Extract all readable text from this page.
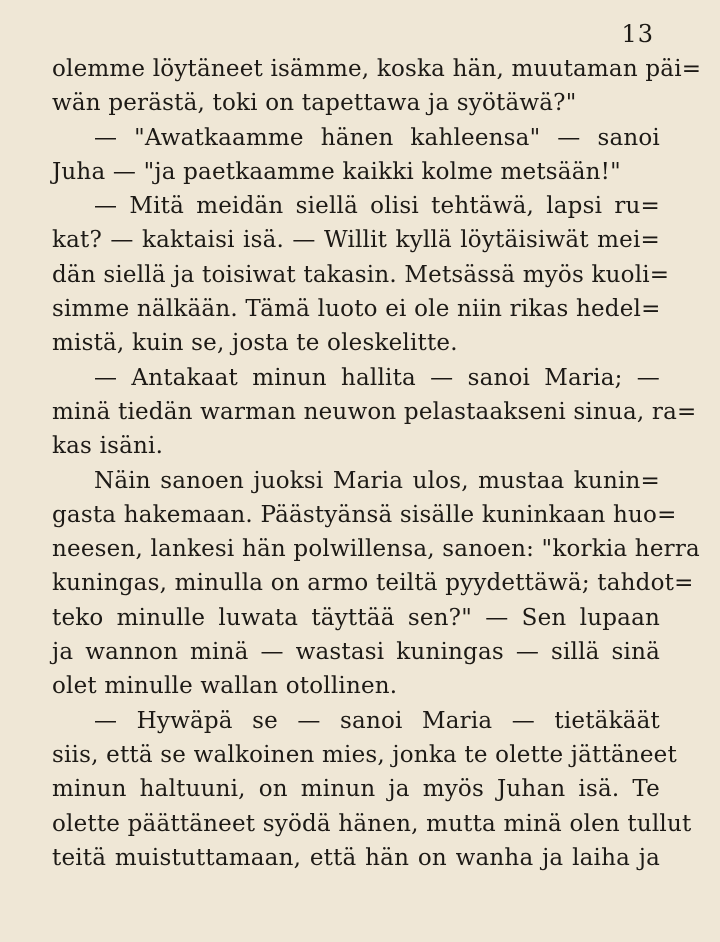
13
olemme löytäneet isämme, koska hän, muutaman päi=
wän perästä, toki on tapettawa ja syötäwä?"
— "Awatkaamme hänen kahleensa" — sanoi
Juha — "ja paetkaamme kaikki kolme metsään!"
— Mitä meidän siellä olisi tehtäwä, lapsi ru=
kat? — kaktaisi isä. — Willit kyllä löytäisiwät mei=
dän siellä ja toisiwat takasin. Metsässä myös kuoli=
simme nälkään. Tämä luoto ei ole niin rikas hedel=
mistä, kuin se, josta te oleskelitte.
— Antakaat minun hallita — sanoi Maria; —
minä tiedän warman neuwon pelastaakseni sinua, ra=
kas isäni.
Näin sanoen juoksi Maria ulos, mustaa kunin=
gasta hakemaan. Päästyänsä sisälle kuninkaan huo=
neesen, lankesi hän polwillensa, sanoen: "korkia herra
kuningas, minulla on armo teiltä pyydettäwä; tahdot=
teko minulle luwata täyttää sen?" — Sen lupaan
ja wannon minä — wastasi kuningas — sillä sinä
olet minulle wallan otollinen.
— Hywäpä se — sanoi Maria — tietäkäät
siis, että se walkoinen mies, jonka te olette jättäneet
minun haltuuni, on minun ja myös Juhan isä. Te
olette päättäneet syödä hänen, mutta minä olen tullut
teitä muistuttamaan, että hän on wanha ja laiha ja
